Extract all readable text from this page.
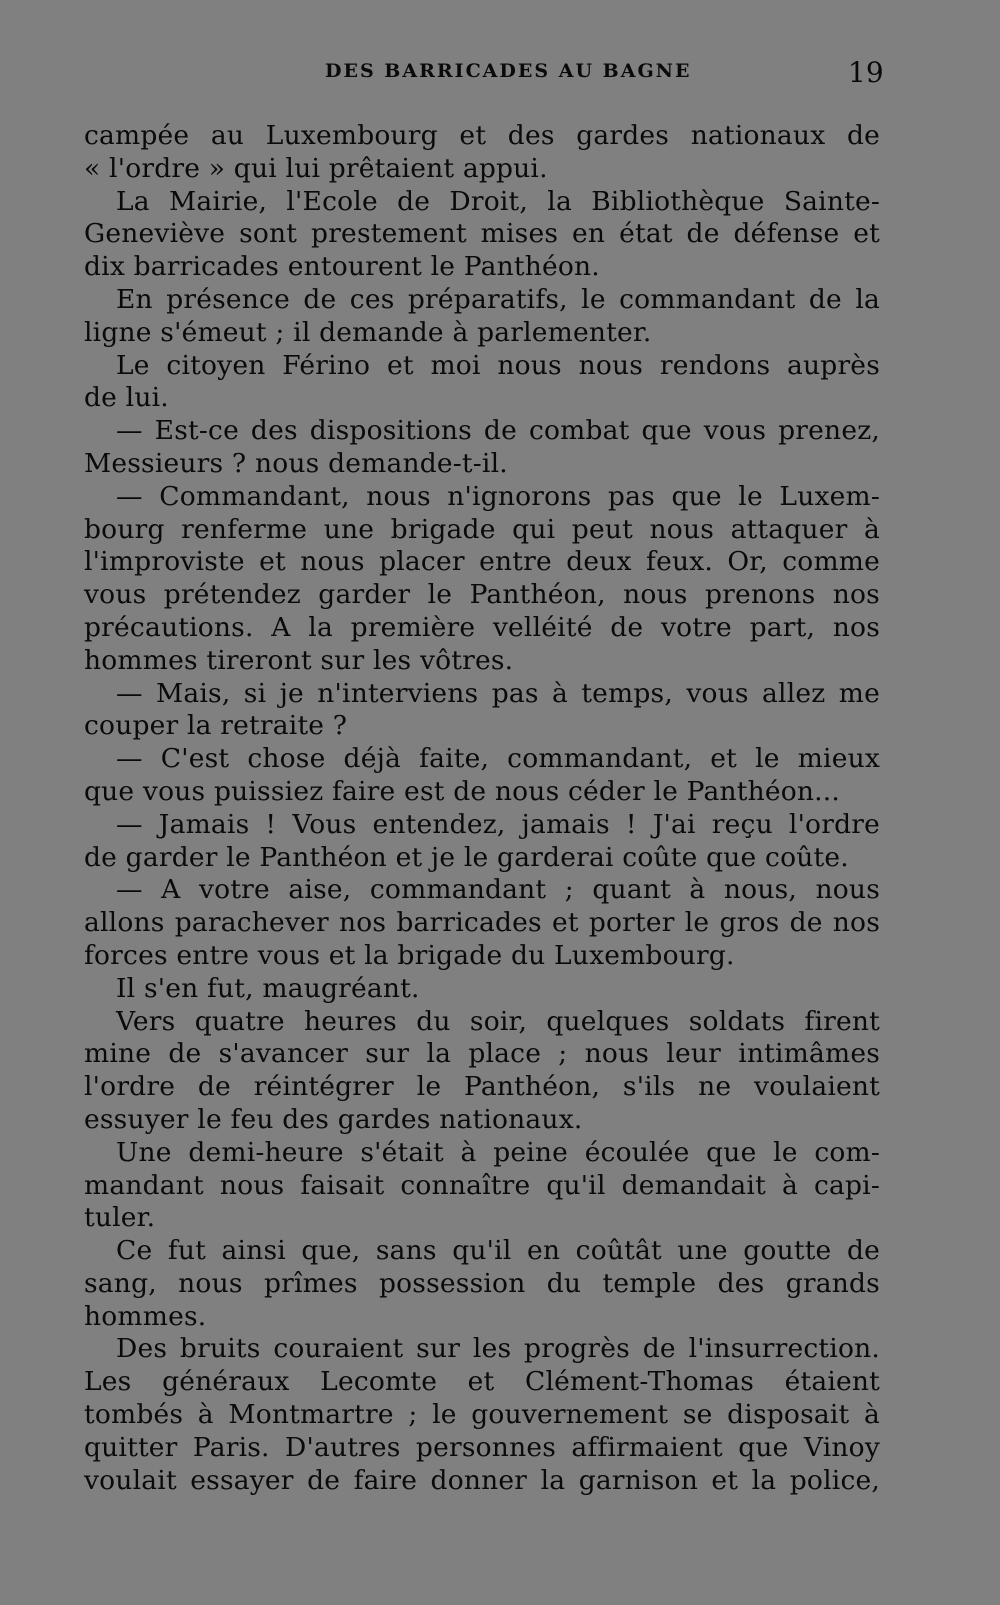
DES BARRICADES AU BAGNE	19
campée au Luxembourg et des gardes nationaux de
« l'ordre » qui lui prêtaient appui.
La Mairie, l'Ecole de Droit, la Bibliothèque Sainte-
Geneviève sont prestement mises en état de défense et
dix barricades entourent le Panthéon.
En présence de ces préparatifs, le commandant de la
ligne s'émeut ; il demande à parlementer.
Le citoyen Férino et moi nous nous rendons auprès
de lui.
— Est-ce des dispositions de combat que vous prenez,
Messieurs ? nous demande-t-il.
— Commandant, nous n'ignorons pas que le Luxem-
bourg renferme une brigade qui peut nous attaquer à
l'improviste et nous placer entre deux feux. Or, comme
vous prétendez garder le Panthéon, nous prenons nos
précautions. A la première velléité de votre part, nos
hommes tireront sur les vôtres.
— Mais, si je n'interviens pas à temps, vous allez me
couper la retraite ?
— C'est chose déjà faite, commandant, et le mieux
que vous puissiez faire est de nous céder le Panthéon...
— Jamais ! Vous entendez, jamais ! J'ai reçu l'ordre
de garder le Panthéon et je le garderai coûte que coûte.
— A votre aise, commandant ; quant à nous, nous
allons parachever nos barricades et porter le gros de nos
forces entre vous et la brigade du Luxembourg.
Il s'en fut, maugréant.
Vers quatre heures du soir, quelques soldats firent
mine de s'avancer sur la place ; nous leur intimâmes
l'ordre de réintégrer le Panthéon, s'ils ne voulaient
essuyer le feu des gardes nationaux.
Une demi-heure s'était à peine écoulée que le com-
mandant nous faisait connaître qu'il demandait à capi-
tuler.
Ce fut ainsi que, sans qu'il en coûtât une goutte de
sang, nous prîmes possession du temple des grands
hommes.
Des bruits couraient sur les progrès de l'insurrection.
Les généraux Lecomte et Clément-Thomas étaient
tombés à Montmartre ; le gouvernement se disposait à
quitter Paris. D'autres personnes affirmaient que Vinoy
voulait essayer de faire donner la garnison et la police,
